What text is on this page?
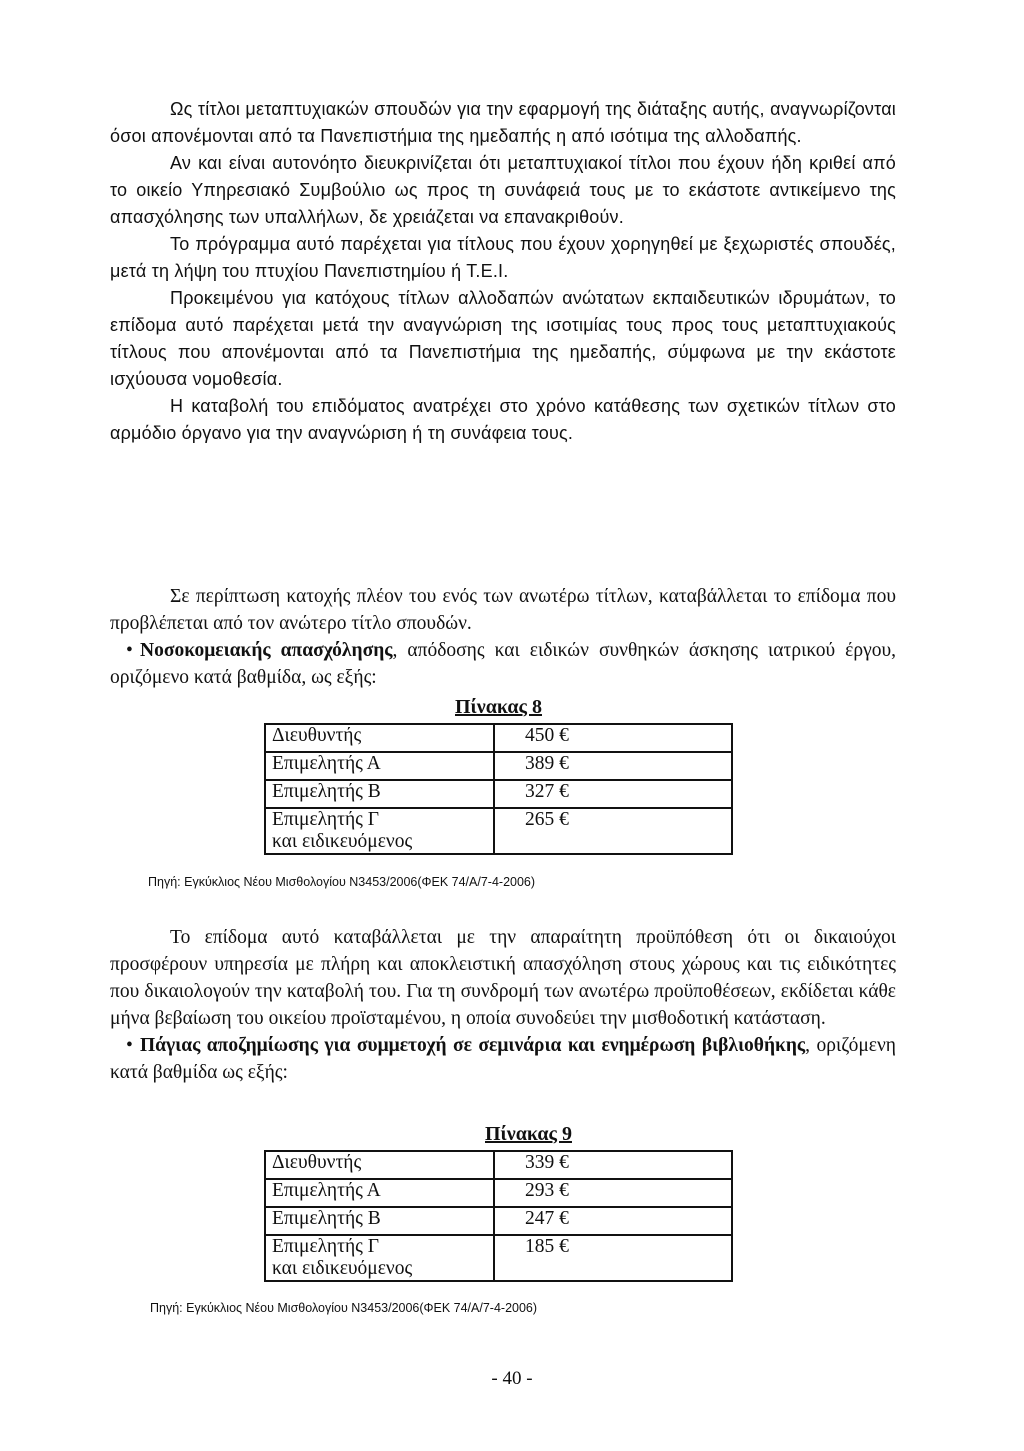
Ως τίτλοι μεταπτυχιακών σπουδών για την εφαρμογή της διάταξης αυτής, αναγνωρίζονται όσοι απονέμονται από τα Πανεπιστήμια της ημεδαπής η από ισότιμα της αλλοδαπής.

Αν και είναι αυτονόητο διευκρινίζεται ότι μεταπτυχιακοί τίτλοι που έχουν ήδη κριθεί από το οικείο Υπηρεσιακό Συμβούλιο ως προς τη συνάφειά τους με το εκάστοτε αντικείμενο της απασχόλησης των υπαλλήλων, δε χρειάζεται να επανακριθούν.

Το πρόγραμμα αυτό παρέχεται για τίτλους που έχουν χορηγηθεί με ξεχωριστές σπουδές, μετά τη λήψη του πτυχίου Πανεπιστημίου ή Τ.Ε.Ι.

Προκειμένου για κατόχους τίτλων αλλοδαπών ανώτατων εκπαιδευτικών ιδρυμάτων, το επίδομα αυτό παρέχεται μετά την αναγνώριση της ισοτιμίας τους προς τους μεταπτυχιακούς τίτλους που απονέμονται από τα Πανεπιστήμια της ημεδαπής, σύμφωνα με την εκάστοτε ισχύουσα νομοθεσία.

Η καταβολή του επιδόματος ανατρέχει στο χρόνο κατάθεσης των σχετικών τίτλων στο αρμόδιο όργανο για την αναγνώριση ή τη συνάφεια τους.

Σε περίπτωση κατοχής πλέον του ενός των ανωτέρω τίτλων, καταβάλλεται το επίδομα που προβλέπεται από τον ανώτερο τίτλο σπουδών.

• Νοσοκομειακής απασχόλησης, απόδοσης και ειδικών συνθηκών άσκησης ιατρικού έργου, οριζόμενο κατά βαθμίδα, ως εξής:

Πίνακας 8
Διευθυντής	450 €
Επιμελητής Α	389 €
Επιμελητής Β	327 €

Επιμελητής Γ
και ειδικευόμενος	265 €
Πηγή: Εγκύκλιος Νέου Μισθολογίου Ν3453/2006(ΦΕΚ 74/Α/7-4-2006)

Το επίδομα αυτό καταβάλλεται με την απαραίτητη προϋπόθεση ότι οι δικαιούχοι προσφέρουν υπηρεσία με πλήρη και αποκλειστική απασχόληση στους χώρους και τις ειδικότητες που δικαιολογούν την καταβολή του. Για τη συνδρομή των ανωτέρω προϋποθέσεων, εκδίδεται κάθε μήνα βεβαίωση του οικείου προϊσταμένου, η οποία συνοδεύει την μισθοδοτική κατάσταση.

• Πάγιας αποζημίωσης για συμμετοχή σε σεμινάρια και ενημέρωση βιβλιοθήκης, οριζόμενη κατά βαθμίδα ως εξής:

Πίνακας 9
Διευθυντής	339 €
Επιμελητής Α	293 €
Επιμελητής Β	247 €

Επιμελητής Γ
και ειδικευόμενος	185 €
Πηγή: Εγκύκλιος Νέου Μισθολογίου Ν3453/2006(ΦΕΚ 74/Α/7-4-2006)
- 40 -
